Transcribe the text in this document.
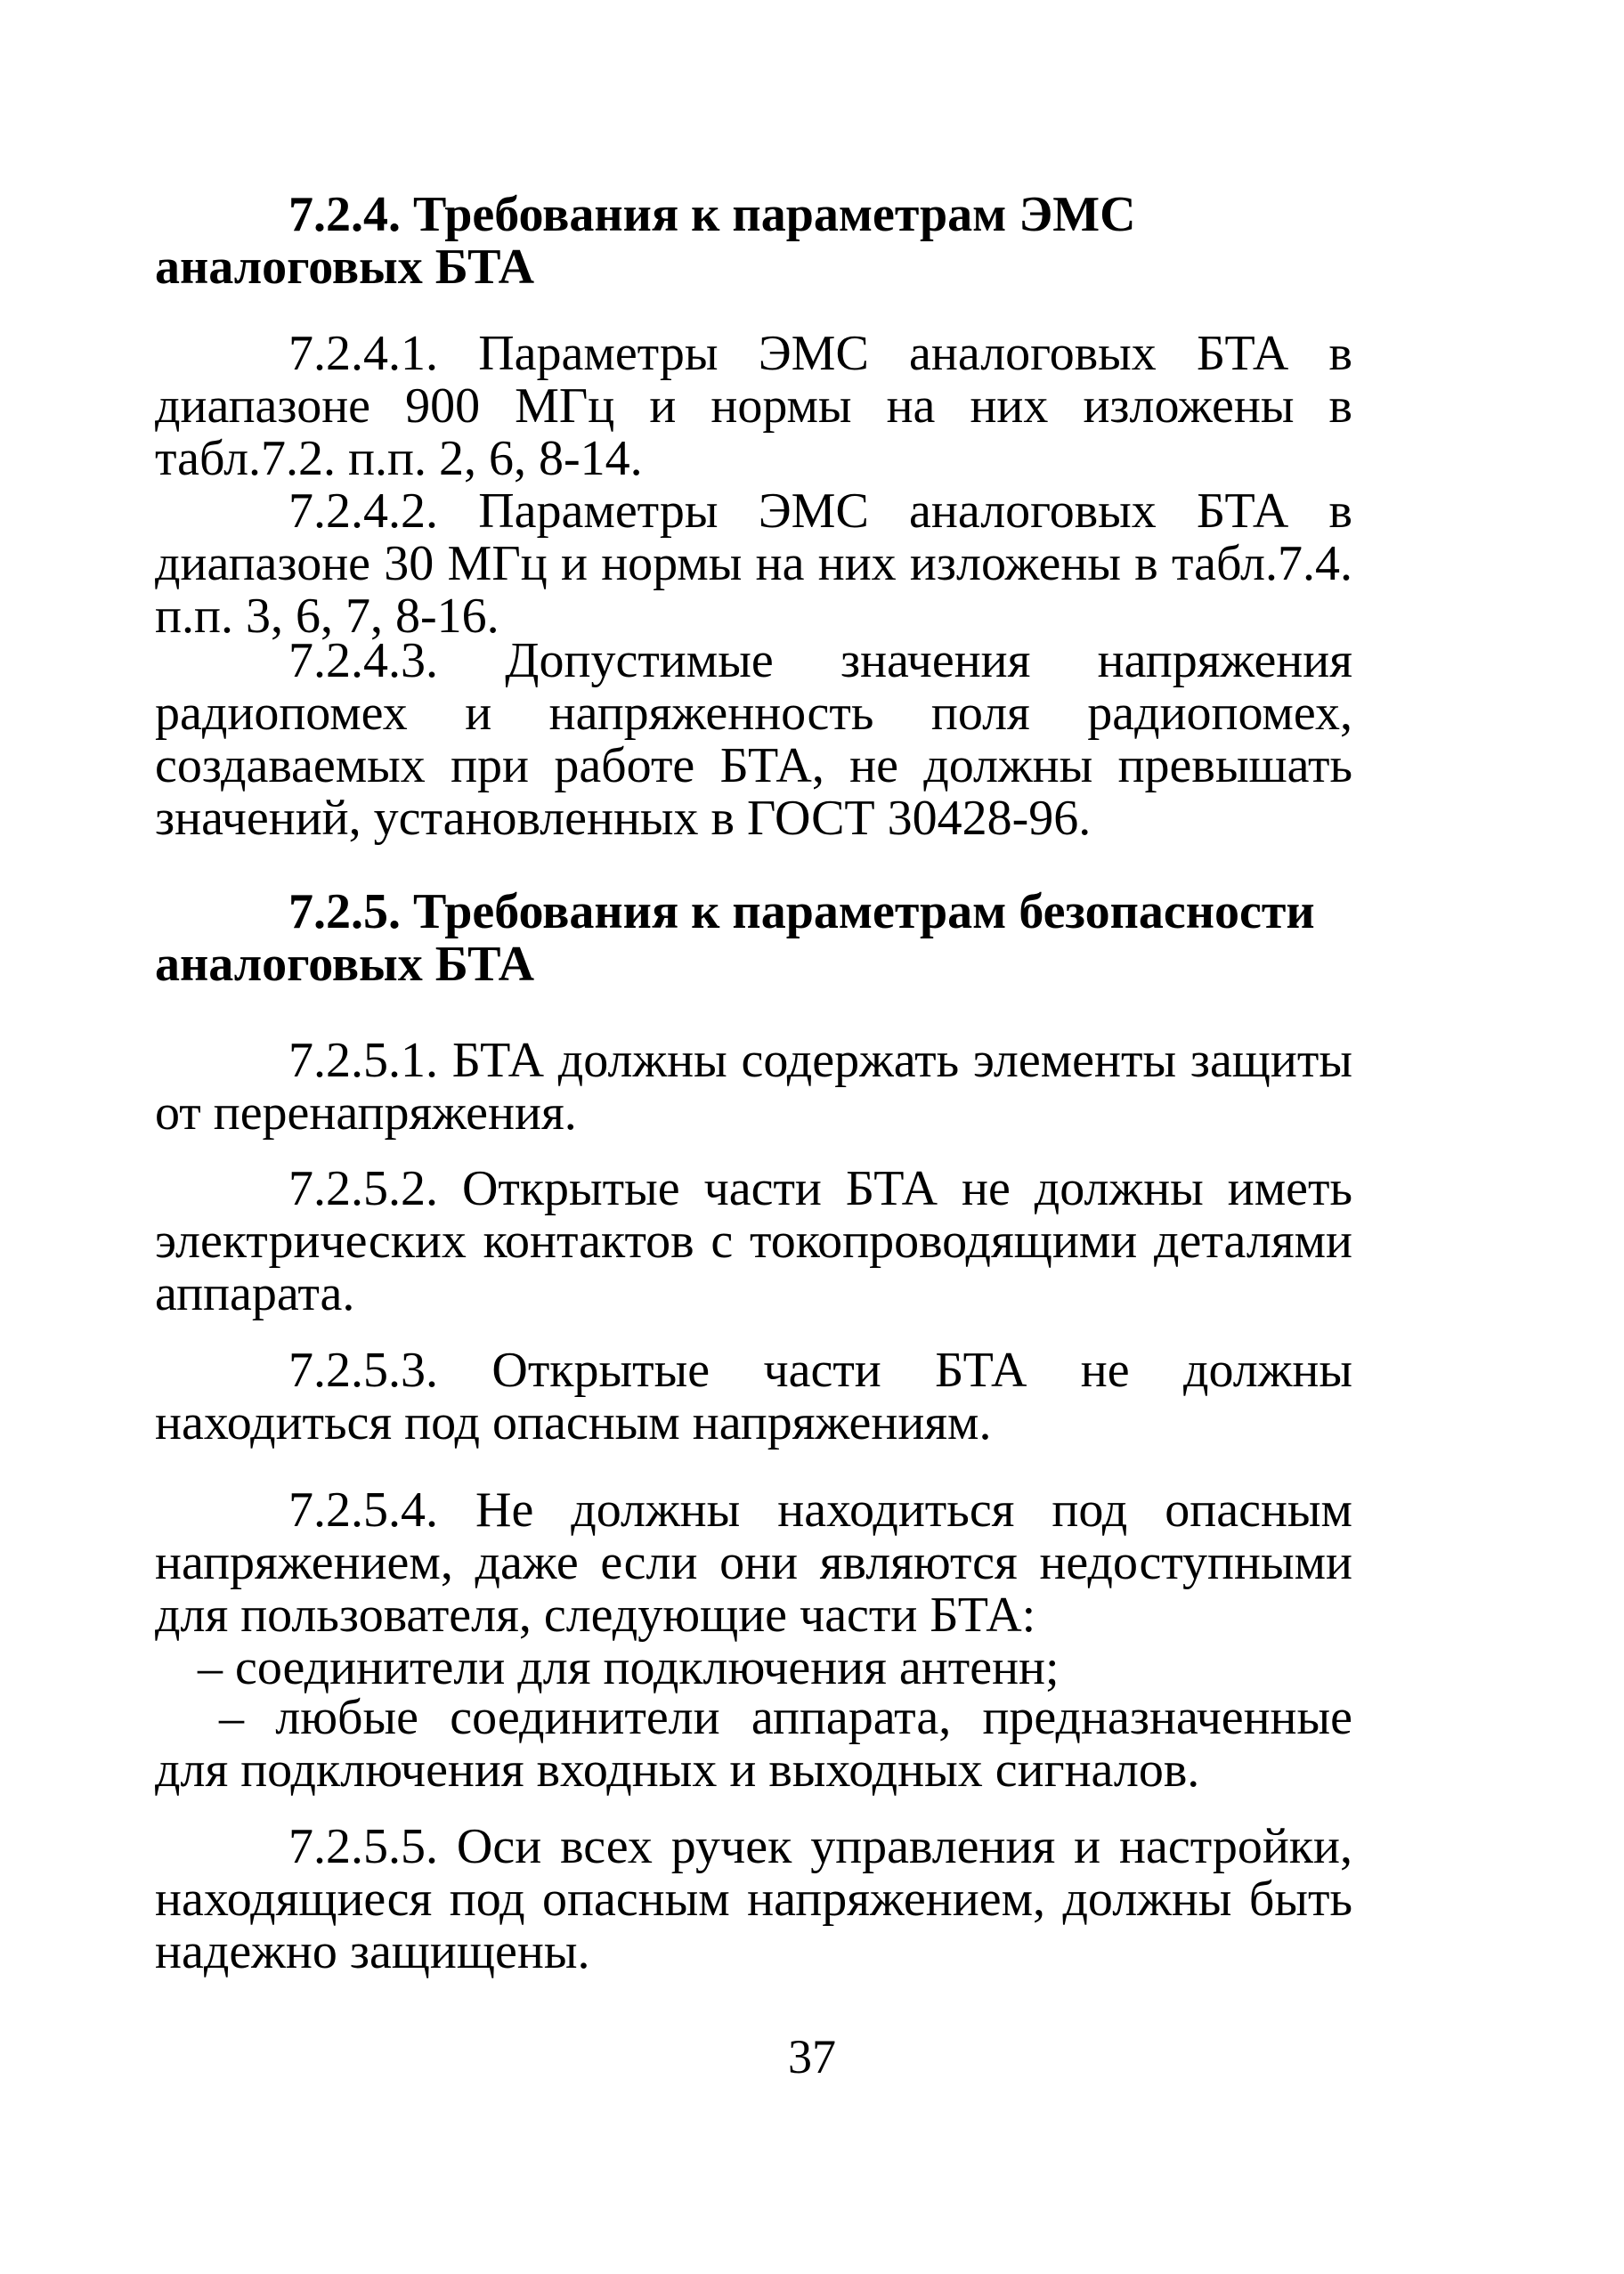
7.2.4. Требования к параметрам ЭМС аналоговых БТА
7.2.4.1. Параметры ЭМС аналоговых БТА в диапазоне 900 МГц и нормы на них изложены в табл.7.2. п.п. 2, 6, 8-14.
7.2.4.2. Параметры ЭМС аналоговых БТА в диапазоне 30 МГц и нормы на них изложены в табл.7.4. п.п. 3, 6, 7, 8-16.
7.2.4.3. Допустимые значения напряжения радиопомех и напряженность поля радиопомех, создаваемых при работе БТА, не должны превышать значений, установленных в ГОСТ 30428-96.
7.2.5. Требования к параметрам безопасности аналоговых БТА
7.2.5.1. БТА должны содержать элементы защиты от перенапряжения.
7.2.5.2. Открытые части БТА не должны иметь электрических контактов с токопроводящими деталями аппарата.
7.2.5.3. Открытые части БТА не должны находиться под опасным напряжениям.
7.2.5.4. Не должны находиться под опасным напряжением, даже если они являются недоступными для пользователя, следующие части БТА:
– соединители для подключения антенн;
– любые соединители аппарата, предназначенные для подключения входных и выходных сигналов.
7.2.5.5. Оси всех ручек управления и настройки, находящиеся под опасным напряжением, должны быть надежно защищены.
37
